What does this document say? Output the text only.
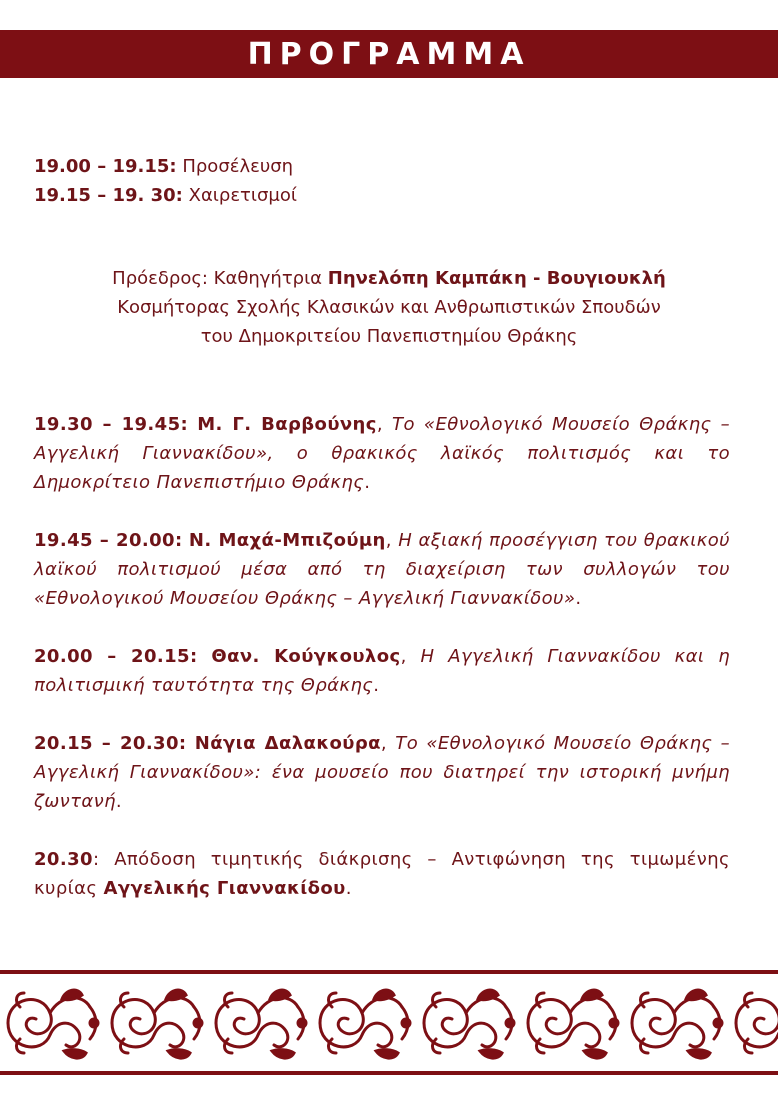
ΠΡΟΓΡΑΜΜΑ
19.00 – 19.15: Προσέλευση
19.15 – 19. 30: Χαιρετισμοί
Πρόεδρος: Καθηγήτρια Πηνελόπη Καμπάκη - Βουγιουκλή
Κοσμήτορας Σχολής Κλασικών και Ανθρωπιστικών Σπουδών
του Δημοκριτείου Πανεπιστημίου Θράκης
19.30 – 19.45: Μ. Γ. Βαρβούνης, Το «Εθνολογικό Μουσείο Θράκης – Αγγελική Γιαννακίδου», ο θρακικός λαϊκός πολιτισμός και το Δημοκρίτειο Πανεπιστήμιο Θράκης.
19.45 – 20.00: Ν. Μαχά-Μπιζούμη, Η αξιακή προσέγγιση του θρακικού λαϊκού πολιτισμού μέσα από τη διαχείριση των συλλογών του «Εθνολογικού Μουσείου Θράκης – Αγγελική Γιαννακίδου».
20.00 – 20.15: Θαν. Κούγκουλος, Η Αγγελική Γιαννακίδου και η πολιτισμική ταυτότητα της Θράκης.
20.15 – 20.30: Νάγια Δαλακούρα, Το «Εθνολογικό Μουσείο Θράκης – Αγγελική Γιαννακίδου»: ένα μουσείο που διατηρεί την ιστορική μνήμη ζωντανή.
20.30: Απόδοση τιμητικής διάκρισης – Αντιφώνηση της τιμωμένης κυρίας Αγγελικής Γιαννακίδου.
